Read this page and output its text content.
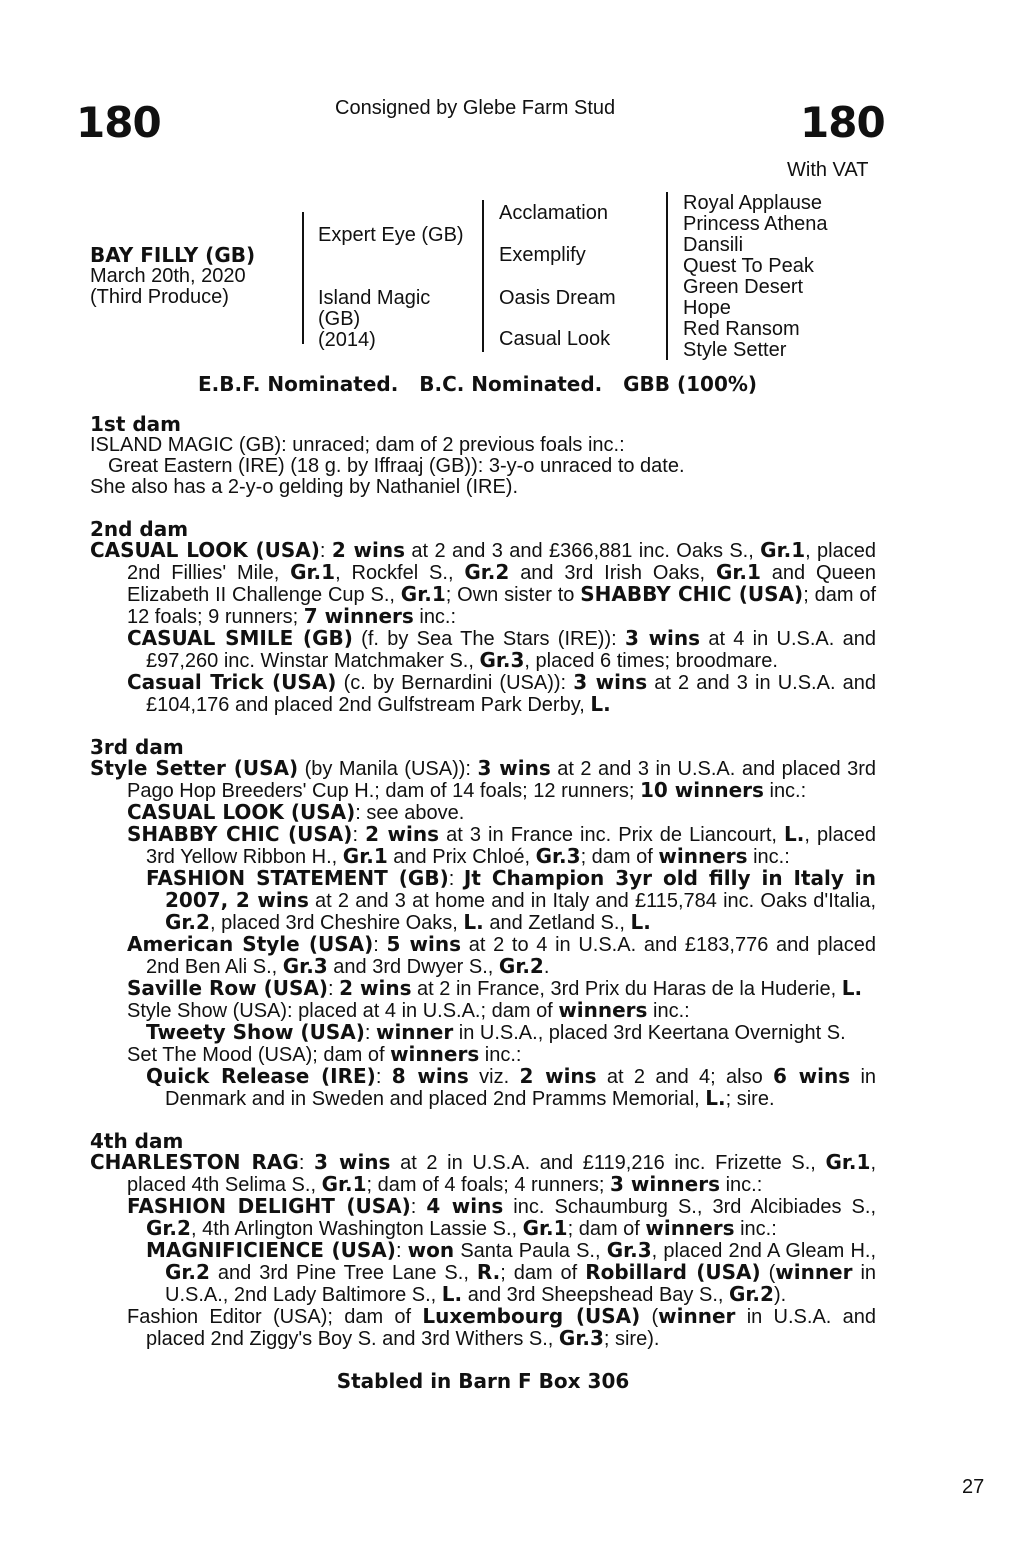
180	Consigned by Glebe Farm Stud	180
With VAT
BAY FILLY (GB)
March 20th, 2020
(Third Produce)
Expert Eye (GB)
Island Magic
(GB)
(2014)
Acclamation
Exemplify
Oasis Dream
Casual Look
Royal Applause
Princess Athena
Dansili
Quest To Peak
Green Desert
Hope
Red Ransom
Style Setter
E.B.F. Nominated.   B.C. Nominated.   GBB (100%)

1st dam

ISLAND MAGIC (GB): unraced; dam of 2 previous foals inc.:

Great Eastern (IRE) (18 g. by Iffraaj (GB)): 3-y-o unraced to date.

She also has a 2-y-o gelding by Nathaniel (IRE).

2nd dam

CASUAL LOOK (USA): 2 wins at 2 and 3 and £366,881 inc. Oaks S., Gr.1, placed 2nd Fillies' Mile, Gr.1, Rockfel S., Gr.2 and 3rd Irish Oaks, Gr.1 and Queen Elizabeth II Challenge Cup S., Gr.1; Own sister to SHABBY CHIC (USA); dam of 12 foals; 9 runners; 7 winners inc.:

CASUAL SMILE (GB) (f. by Sea The Stars (IRE)): 3 wins at 4 in U.S.A. and £97,260 inc. Winstar Matchmaker S., Gr.3, placed 6 times; broodmare.

Casual Trick (USA) (c. by Bernardini (USA)): 3 wins at 2 and 3 in U.S.A. and £104,176 and placed 2nd Gulfstream Park Derby, L.

3rd dam

Style Setter (USA) (by Manila (USA)): 3 wins at 2 and 3 in U.S.A. and placed 3rd Pago Hop Breeders' Cup H.; dam of 14 foals; 12 runners; 10 winners inc.:

CASUAL LOOK (USA): see above.

SHABBY CHIC (USA): 2 wins at 3 in France inc. Prix de Liancourt, L., placed 3rd Yellow Ribbon H., Gr.1 and Prix Chloé, Gr.3; dam of winners inc.:

FASHION STATEMENT (GB): Jt Champion 3yr old filly in Italy in 2007, 2 wins at 2 and 3 at home and in Italy and £115,784 inc. Oaks d'Italia, Gr.2, placed 3rd Cheshire Oaks, L. and Zetland S., L.

American Style (USA): 5 wins at 2 to 4 in U.S.A. and £183,776 and placed 2nd Ben Ali S., Gr.3 and 3rd Dwyer S., Gr.2.

Saville Row (USA): 2 wins at 2 in France, 3rd Prix du Haras de la Huderie, L.

Style Show (USA): placed at 4 in U.S.A.; dam of winners inc.:

Tweety Show (USA): winner in U.S.A., placed 3rd Keertana Overnight S.

Set The Mood (USA); dam of winners inc.:

Quick Release (IRE): 8 wins viz. 2 wins at 2 and 4; also 6 wins in Denmark and in Sweden and placed 2nd Pramms Memorial, L.; sire.

4th dam

CHARLESTON RAG: 3 wins at 2 in U.S.A. and £119,216 inc. Frizette S., Gr.1, placed 4th Selima S., Gr.1; dam of 4 foals; 4 runners; 3 winners inc.:

FASHION DELIGHT (USA): 4 wins inc. Schaumburg S., 3rd Alcibiades S., Gr.2, 4th Arlington Washington Lassie S., Gr.1; dam of winners inc.:

MAGNIFICIENCE (USA): won Santa Paula S., Gr.3, placed 2nd A Gleam H., Gr.2 and 3rd Pine Tree Lane S., R.; dam of Robillard (USA) (winner in U.S.A., 2nd Lady Baltimore S., L. and 3rd Sheepshead Bay S., Gr.2).

Fashion Editor (USA); dam of Luxembourg (USA) (winner in U.S.A. and placed 2nd Ziggy's Boy S. and 3rd Withers S., Gr.3; sire).

Stabled in Barn F Box 306

27
